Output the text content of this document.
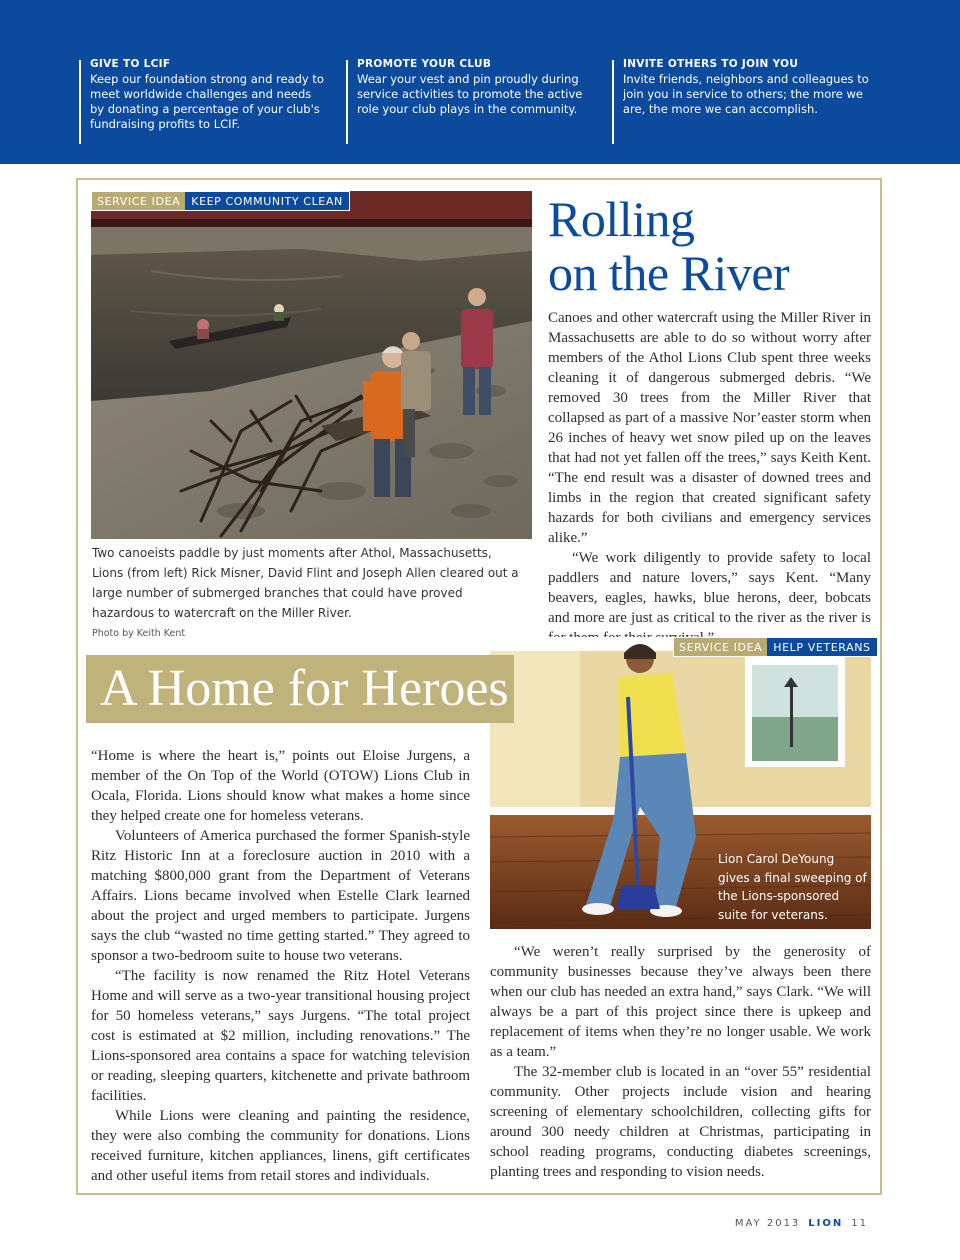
GIVE TO LCIF
Keep our foundation strong and ready to meet worldwide challenges and needs by donating a percentage of your club's fundraising profits to LCIF.
PROMOTE YOUR CLUB
Wear your vest and pin proudly during service activities to promote the active role your club plays in the community.
INVITE OTHERS TO JOIN YOU
Invite friends, neighbors and colleagues to join you in service to others; the more we are, the more we can accomplish.
SERVICE IDEA	KEEP COMMUNITY CLEAN
Two canoeists paddle by just moments after Athol, Massachusetts, Lions (from left) Rick Misner, David Flint and Joseph Allen cleared out a large number of submerged branches that could have proved hazardous to watercraft on the Miller River.
Photo by Keith Kent
Rolling
on the River

Canoes and other watercraft using the Miller River in Massachusetts are able to do so without worry after members of the Athol Lions Club spent three weeks cleaning it of dangerous submerged debris. “We removed 30 trees from the Miller River that collapsed as part of a massive Nor’easter storm when 26 inches of heavy wet snow piled up on the leaves that had not yet fallen off the trees,” says Keith Kent. “The end result was a disaster of downed trees and limbs in the region that created significant safety hazards for both civilians and emergency services alike.”

“We work diligently to provide safety to local paddlers and nature lovers,” says Kent. “Many beavers, eagles, hawks, blue herons, deer, bobcats and more are just as critical to the river as the river is

SERVICE IDEA	HELP VETERANS
Lion Carol DeYoung gives a final sweeping of the Lions-sponsored suite for veterans.
A Home for Heroes

“Home is where the heart is,” points out Eloise Jurgens, a member of the On Top of the World (OTOW) Lions Club in Ocala, Florida. Lions should know what makes a home since they helped create one for homeless veterans.

Volunteers of America purchased the former Spanish-style Ritz Historic Inn at a foreclosure auction in 2010 with a matching $800,000 grant from the Department of Veterans Affairs. Lions became involved when Estelle Clark learned about the project and urged members to participate. Jurgens says the club “wasted no time getting started.” They agreed to sponsor a two-bedroom suite to house two veterans.

“The facility is now renamed the Ritz Hotel Veterans Home and will serve as a two-year transitional housing project for 50 homeless veterans,” says Jurgens. “The total project cost is estimated at $2 million, including renovations.” The Lions-sponsored area contains a space for watching television or reading, sleeping quarters, kitchenette and private bathroom facilities.

While Lions were cleaning and painting the residence, they were also combing the community for donations. Lions received furniture, kitchen appliances, linens, gift certificates and other useful items from retail stores and individuals.

“We weren’t really surprised by the generosity of community businesses because they’ve always been there when our club has needed an extra hand,” says Clark. “We will always be a part of this project since there is upkeep and replacement of items when they’re no longer usable. We work as a team.”

The 32-member club is located in an “over 55” residential community. Other projects include vision and hearing screening of elementary schoolchildren, collecting gifts for around 300 needy children at Christmas, participating in school reading programs, conducting diabetes screenings, planting trees and responding to vision needs.

MAY 2013 LION 11
